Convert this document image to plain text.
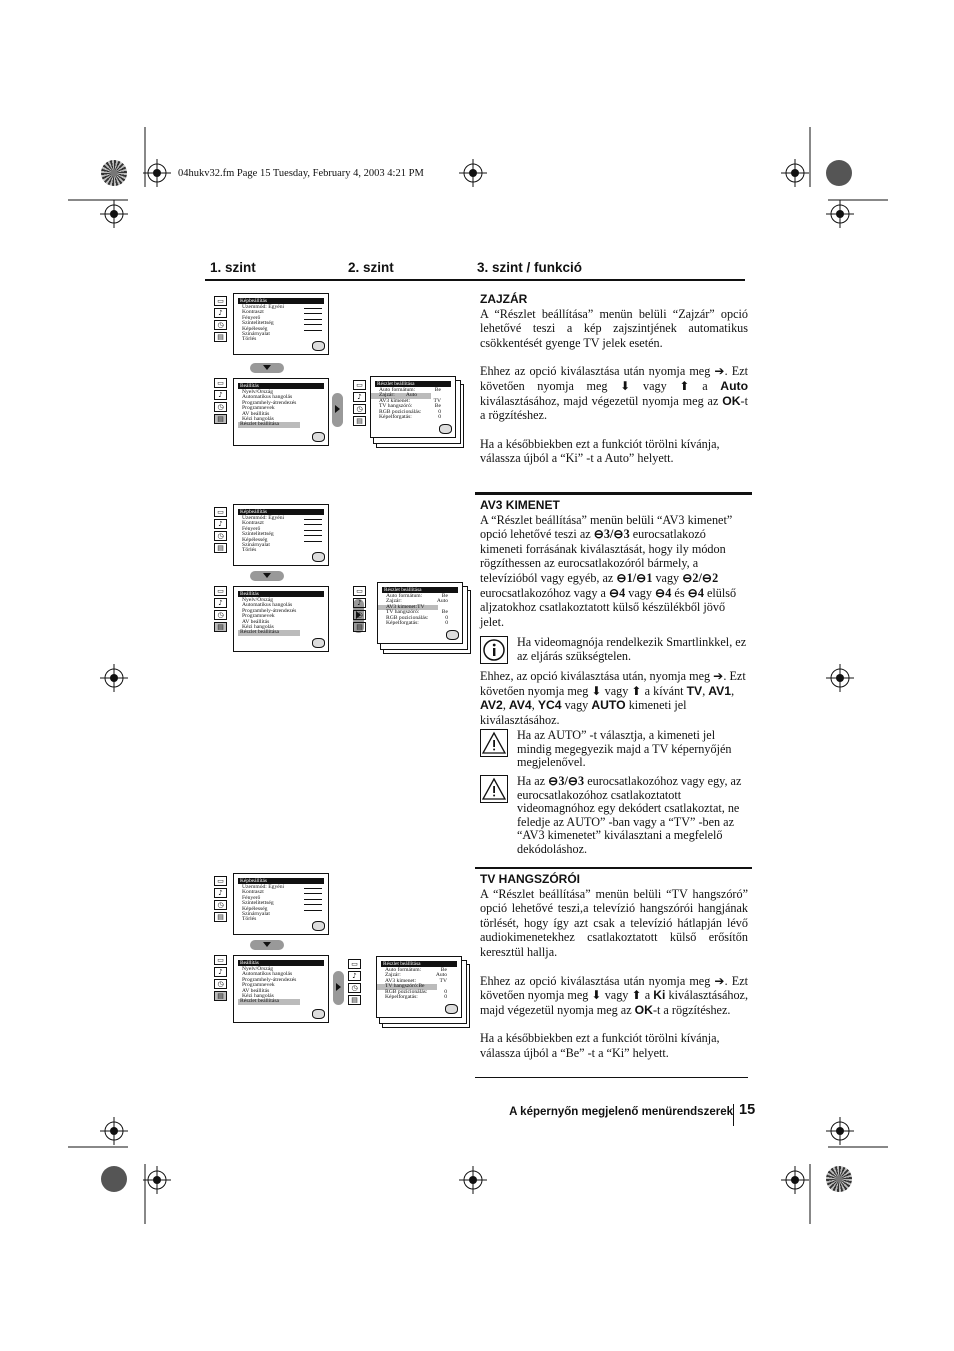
04hukv32.fm Page 15 Tuesday, February 4, 2003 4:21 PM
1. szint	2. szint	3. szint / funkció
▭
♪
◷
▤
Képbeállítás
Üzemmód: Egyéni
Kontraszt
Fényerő
Színtelítettség
Képélesség
Színárnyalat
Törlés
▭
♪
◷
▤
Beállítás
Nyelv/Ország
Automatikus hangolás
Programhely-átrendezés
Programnevek
AV beállítás
Kézi hangolás
Részlet beállítása
▭
♪
◷
▤
Részlet beállítása
Auto formátum:	Be
Zajzár: Auto
AV3 kimenet:	TV
TV hangszóró:	Be
RGB pozicionálás:	0
Képelforgatás:	0
▭
♪
◷
▤
Képbeállítás
Üzemmód: Egyéni
Kontraszt
Fényerő
Színtelítettség
Képélesség
Színárnyalat
Törlés
▭
♪
◷
▤
Beállítás
Nyelv/Ország
Automatikus hangolás
Programhely-átrendezés
Programnevek
AV beállítás
Kézi hangolás
Részlet beállítása
▭
♪
◷
▤
Részlet beállítása
Auto formátum:	Be
Zajzár:	Auto
AV3 kimenet: TV
TV hangszóró:	Be
RGB pozicionálás:	0
Képelforgatás:	0
▭
♪
◷
▤
Képbeállítás
Üzemmód: Egyéni
Kontraszt
Fényerő
Színtelítettség
Képélesség
Színárnyalat
Törlés
▭
♪
◷
▤
Beállítás
Nyelv/Ország
Automatikus hangolás
Programhely-átrendezés
Programnevek
AV beállítás
Kézi hangolás
Részlet beállítása
▭
♪
◷
▤
Részlet beállítása
Auto formátum:	Be
Zajzár:	Auto
AV3 kimenet:	TV
TV hangszóró: Be
RGB pozicionálás:	0
Képelforgatás:	0
ZAJZÁR

A “Részlet beállítása” menün belüli “Zajzár” opció lehetővé teszi a kép zajszintjének automatikus csökkentését gyenge TV jelek esetén.

Ehhez az opció kiválasztása után nyomja meg ➔. Ezt követően nyomja meg ⬇ vagy ⬆ a Auto kiválasztásához, majd végezetül nyomja meg az OK-t a rögzítéshez.

Ha a későbbiekben ezt a funkciót törölni kívánja, válassza újból a “Ki” -t a Auto” helyett.

AV3 KIMENET

A “Részlet beállítása” menün belüli “AV3 kimenet” opció lehetővé teszi az ⊖3/⊖3 eurocsatlakozó kimeneti forrásának kiválasztását, hogy ily módon rögzíthessen az eurocsatlakozóról bármely, a televízióból vagy egyéb, az ⊖1/⊖1 vagy ⊖2/⊖2 eurocsatlakozóhoz vagy a ⊖4 vagy ⊖4 és ⊖4 elülső aljzatokhoz csatlakoztatott külső készülékből jövő jelet.

Ha videomagnója rendelkezik Smartlinkkel, ez az eljárás szükségtelen.

Ehhez, az opció kiválasztása után, nyomja meg ➔. Ezt követően nyomja meg ⬇ vagy ⬆ a kívánt TV, AV1, AV2, AV4, YC4 vagy AUTO kimeneti jel kiválasztásához.

Ha az AUTO” -t választja, a kimeneti jel mindig megegyezik majd a TV képernyőjén megjelenővel.
Ha az ⊖3/⊖3 eurocsatlakozóhoz vagy egy, az eurocsatlakozóhoz csatlakoztatott videomagnóhoz egy dekódert csatlakoztat, ne feledje az AUTO” -ban vagy a “TV” -ben az “AV3 kimenetet” kiválasztani a megfelelő dekódoláshoz.
TV HANGSZÓRÓI

A “Részlet beállítása” menün belüli “TV hangszóró” opció lehetővé teszi,a televízió hangszórói hangjának törlését, hogy így azt csak a televízió hátlapján lévő audiokimenetekhez csatlakoztatott külső erősítőn keresztül hallja.

Ehhez az opció kiválasztása után nyomja meg ➔. Ezt követően nyomja meg ⬇ vagy ⬆ a Ki kiválasztásához, majd végezetül nyomja meg az OK-t a rögzítéshez.

Ha a későbbiekben ezt a funkciót törölni kívánja, válassza újból a “Be” -t a “Ki” helyett.

A képernyőn megjelenő menürendszerek 15
